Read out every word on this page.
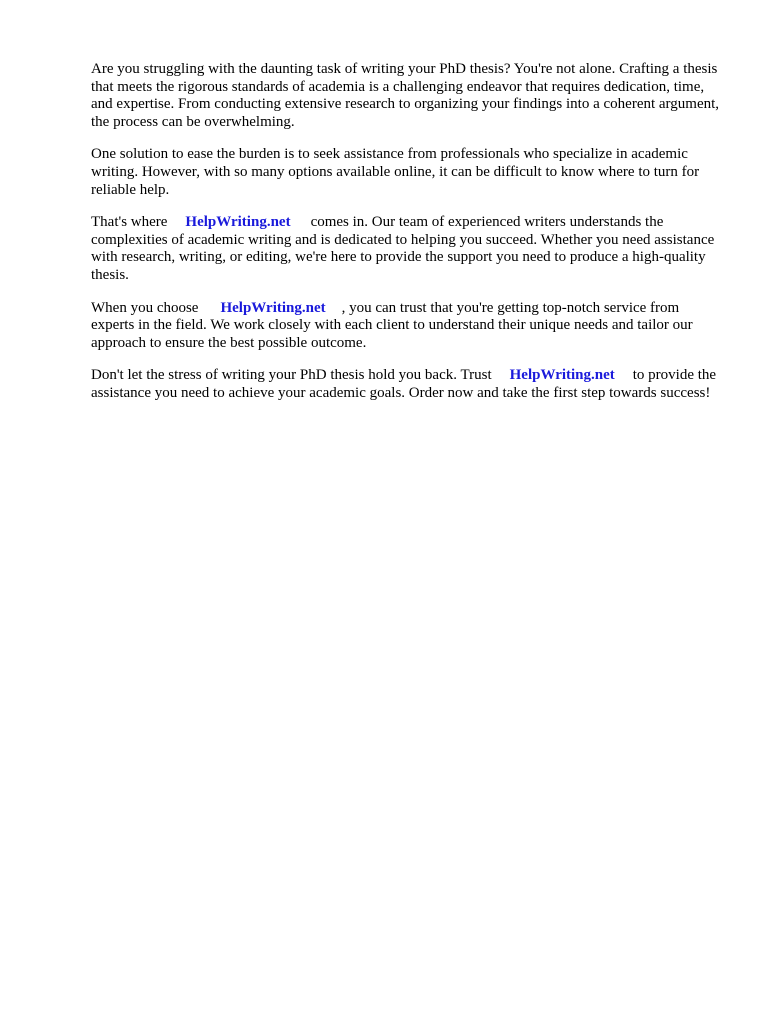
Are you struggling with the daunting task of writing your PhD thesis? You're not alone. Crafting a thesis that meets the rigorous standards of academia is a challenging endeavor that requires dedication, time, and expertise. From conducting extensive research to organizing your findings into a coherent argument, the process can be overwhelming.

One solution to ease the burden is to seek assistance from professionals who specialize in academic writing. However, with so many options available online, it can be difficult to know where to turn for reliable help.

That's where HelpWriting.net comes in. Our team of experienced writers understands the complexities of academic writing and is dedicated to helping you succeed. Whether you need assistance with research, writing, or editing, we're here to provide the support you need to produce a high-quality thesis.

When you choose HelpWriting.net , you can trust that you're getting top-notch service from experts in the field. We work closely with each client to understand their unique needs and tailor our approach to ensure the best possible outcome.

Don't let the stress of writing your PhD thesis hold you back. Trust HelpWriting.net to provide the assistance you need to achieve your academic goals. Order now and take the first step towards success!
